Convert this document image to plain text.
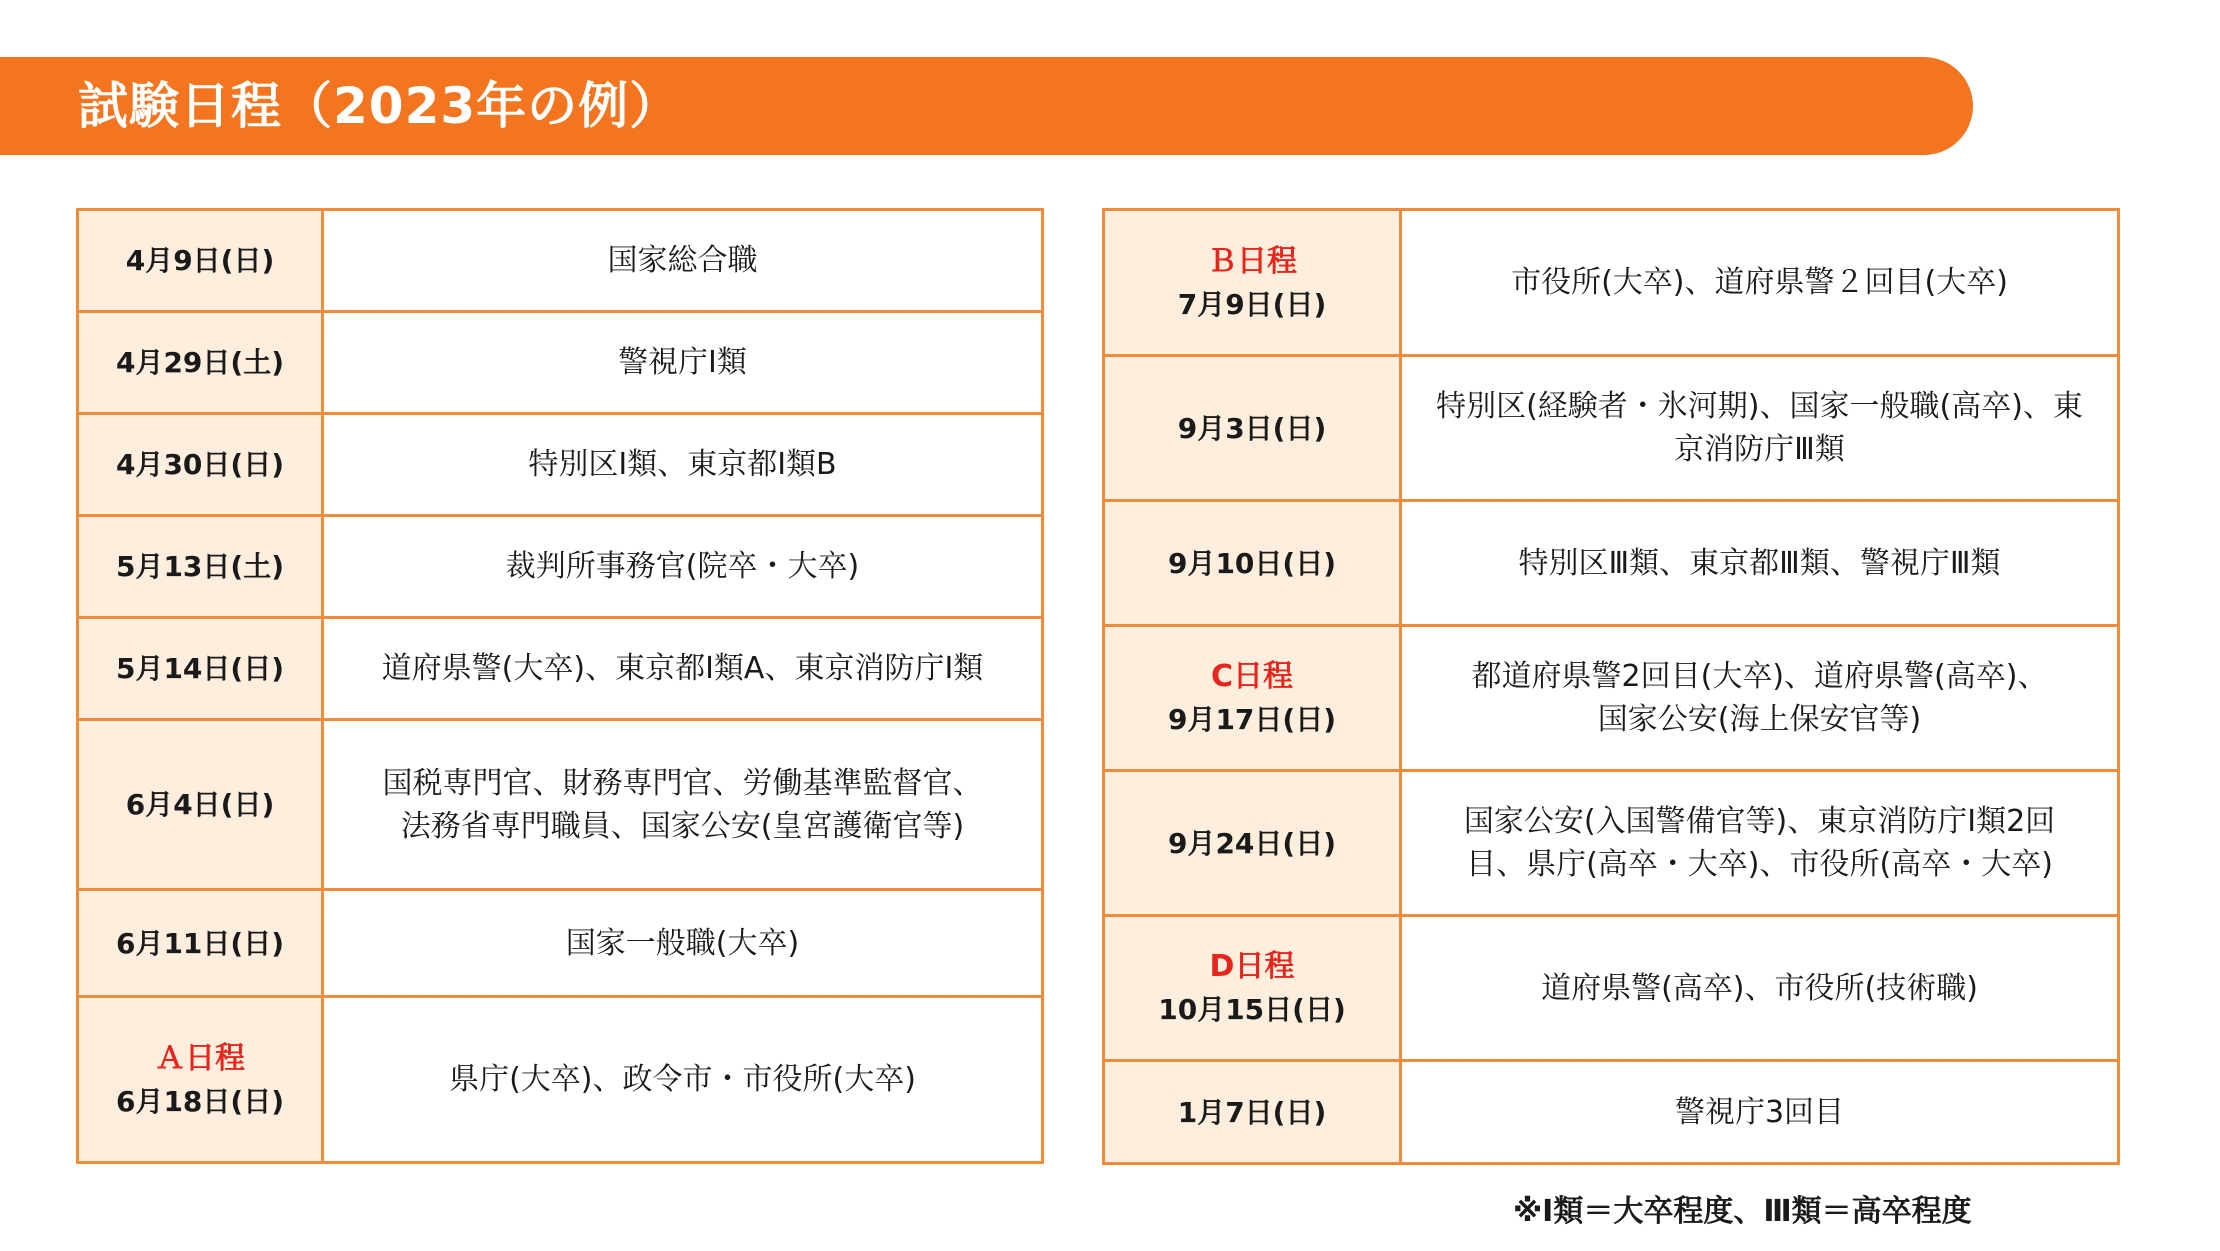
試験日程（2023年の例）
4月9日(日)	国家総合職

4月29日(土)	警視庁Ⅰ類

4月30日(日)	特別区Ⅰ類、東京都Ⅰ類B

5月13日(土)	裁判所事務官(院卒・大卒)

5月14日(日)	道府県警(大卒)、東京都Ⅰ類A、東京消防庁Ⅰ類

6月4日(日)	国税専門官、財務専門官、労働基準監督官、
法務省専門職員、国家公安(皇宮護衛官等)

6月11日(日)	国家一般職(大卒)

Ａ日程
6月18日(日)	県庁(大卒)、政令市・市役所(大卒)
Ｂ日程
7月9日(日)	市役所(大卒)、道府県警２回目(大卒)

9月3日(日)	特別区(経験者・氷河期)、国家一般職(高卒)、東
京消防庁Ⅲ類

9月10日(日)	特別区Ⅲ類、東京都Ⅲ類、警視庁Ⅲ類

C日程
9月17日(日)	都道府県警2回目(大卒)、道府県警(高卒)、
国家公安(海上保安官等)

9月24日(日)	国家公安(入国警備官等)、東京消防庁Ⅰ類2回
目、県庁(高卒・大卒)、市役所(高卒・大卒)

D日程
10月15日(日)	道府県警(高卒)、市役所(技術職)

1月7日(日)	警視庁3回目
※Ⅰ類＝大卒程度、Ⅲ類＝高卒程度
